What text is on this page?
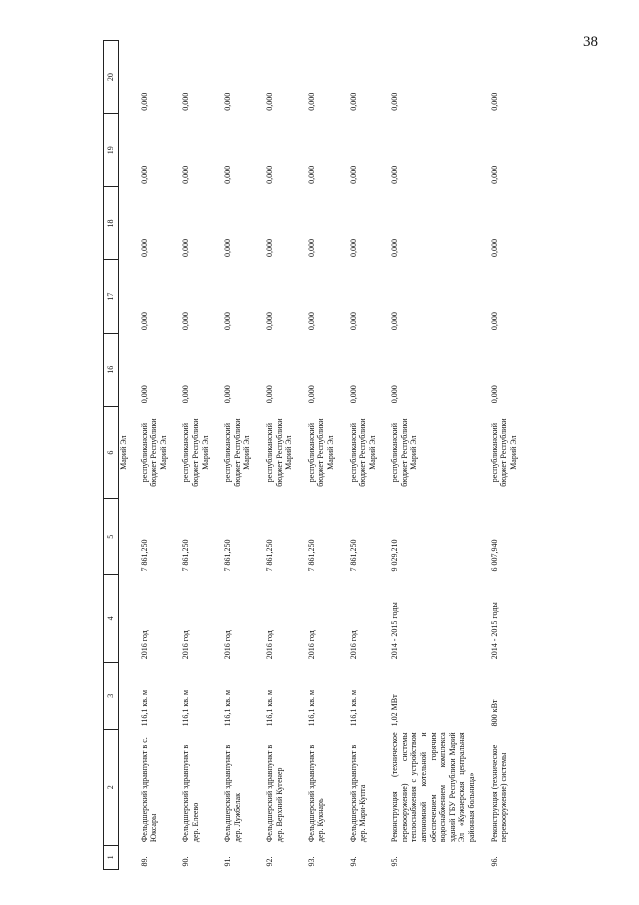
38
1	2	3	4	5	6	16	17	18	19	20
					Марий Эл					
89.	Фельдшерский здравпункт в с. Юксары	116,1 кв. м	2016 год	7 861,250	республиканский бюджет Республики Марий Эл	0,000	0,000	0,000	0,000	0,000
90.	Фельдшерский здравпункт в дер. Елеево	116,1 кв. м	2016 год	7 861,250	республиканский бюджет Республики Марий Эл	0,000	0,000	0,000	0,000	0,000
91.	Фельдшерский здравпункт в дер. Лужбелак	116,1 кв. м	2016 год	7 861,250	республиканский бюджет Республики Марий Эл	0,000	0,000	0,000	0,000	0,000
92.	Фельдшерский здравпункт в дер. Верхний Кугенер	116,1 кв. м	2016 год	7 861,250	республиканский бюджет Республики Марий Эл	0,000	0,000	0,000	0,000	0,000
93.	Фельдшерский здравпункт в дер. Кукнарь	116,1 кв. м	2016 год	7 861,250	республиканский бюджет Республики Марий Эл	0,000	0,000	0,000	0,000	0,000
94.	Фельдшерский здравпункт в дер. Мари-Купта	116,1 кв. м	2016 год	7 861,250	республиканский бюджет Республики Марий Эл	0,000	0,000	0,000	0,000	0,000
95.	Реконструкция (техническое перевооружение) системы теплоснабжения с устройством автономной котельной и обеспечением горячим водоснабжением комплекса зданий ГБУ Республики Марий Эл «Кужнерская центральная районная больница»	1,02 МВт	2014 - 2015 годы	9 029,210	республиканский бюджет Республики Марий Эл	0,000	0,000	0,000	0,000	0,000
96.	Реконструкция (техническое перевооружение) системы	800 кВт	2014 - 2015 годы	6 007,940	республиканский бюджет Республики Марий Эл	0,000	0,000	0,000	0,000	0,000
